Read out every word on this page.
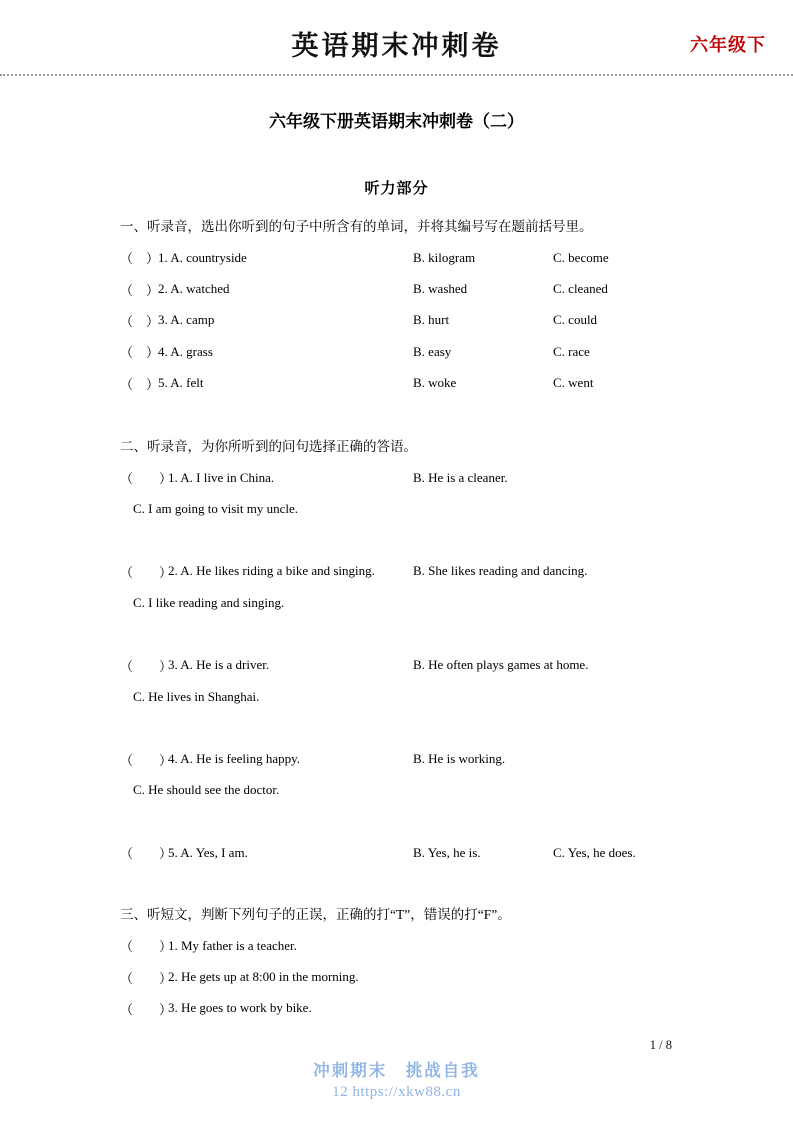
英语期末冲刺卷	六年级下
六年级下册英语期末冲刺卷（二）
听力部分
一、听录音，选出你听到的句子中所含有的单词，并将其编号写在题前括号里。
（　）
1. A. countryside	B. kilogram	C. become
（　）
2. A. watched	B. washed	C. cleaned
（　）
3. A. camp	B. hurt	C. could
（　）
4. A. grass	B. easy	C. race
（　）
5. A. felt	B. woke	C. went
二、听录音，为你所听到的问句选择正确的答语。
（　　）
1. A. I live in China.	B. He is a cleaner.
C. I am going to visit my uncle.
（　　）
2. A. He likes riding a bike and singing.	B. She likes reading and dancing.
C. I like reading and singing.
（　　）
3. A. He is a driver.	B. He often plays games at home.
C. He lives in Shanghai.
（　　）
4. A. He is feeling happy.	B. He is working.
C. He should see the doctor.
（　　）
5. A. Yes, I am.	B. Yes, he is.	C. Yes, he does.
三、听短文，判断下列句子的正误，正确的打“T”，错误的打“F”。
（　　）
1. My father is a teacher.
（　　）
2. He gets up at 8:00 in the morning.
（　　）
3. He goes to work by bike.
1 / 8
冲刺期末　挑战自我
12 https://xkw88.cn
